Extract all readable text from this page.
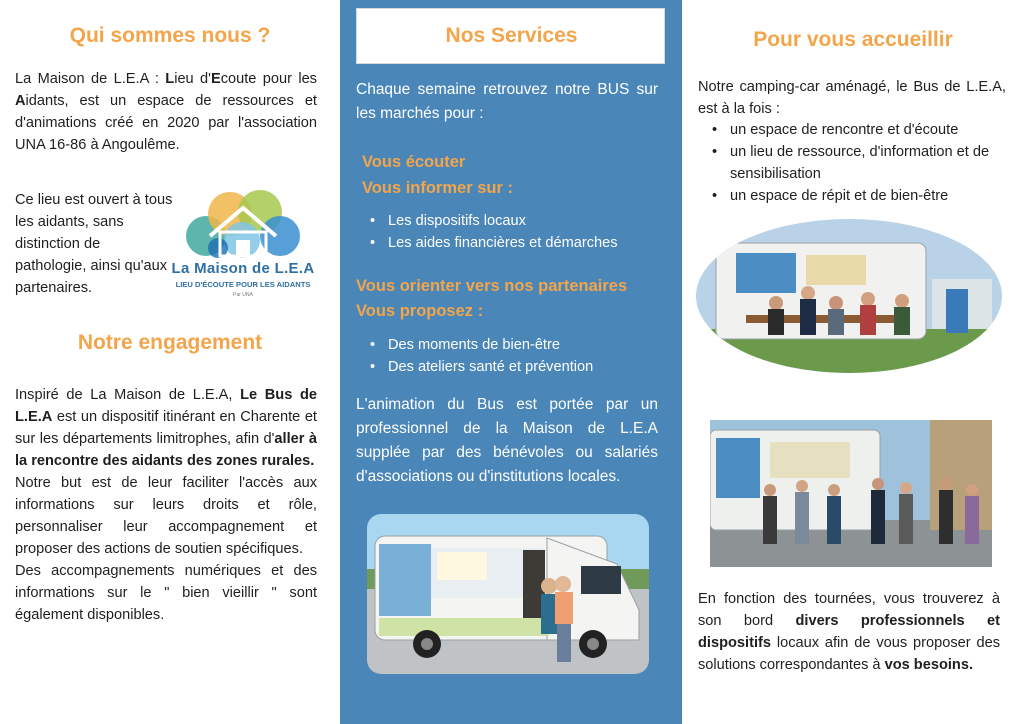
Qui sommes nous ?
La Maison de L.E.A : Lieu d'Ecoute pour les Aidants, est un espace de ressources et d'animations créé en 2020 par l'association UNA 16-86 à Angoulême.
Ce lieu est ouvert à tous les aidants, sans distinction de pathologie, ainsi qu'aux partenaires.
La Maison de L.E.A
LIEU D'ÉCOUTE POUR LES AIDANTS
Par UNA
Notre engagement
Inspiré de La Maison de L.E.A, Le Bus de L.E.A est un dispositif itinérant en Charente et sur les départements limitrophes, afin d'aller à la rencontre des aidants des zones rurales.
Notre but est de leur faciliter l'accès aux informations sur leurs droits et rôle, personnaliser leur accompagnement et proposer des actions de soutien spécifiques.
Des accompagnements numériques et des informations sur le " bien vieillir " sont également disponibles.
Nos Services
Chaque semaine retrouvez notre BUS sur les marchés pour :
Vous écouter
Vous informer sur :
• Les dispositifs locaux
• Les aides financières et démarches
Vous orienter vers nos partenaires
Vous proposez :
• Des moments de bien-être
• Des ateliers santé et prévention
L'animation du Bus est portée par un professionnel de la Maison de L.E.A supplée par des bénévoles ou salariés d'associations ou d'institutions locales.
Pour vous accueillir
Notre camping-car aménagé, le Bus de L.E.A, est à la fois :
• un espace de rencontre et d'écoute
• un lieu de ressource, d'information et de sensibilisation
• un espace de répit et de bien-être
En fonction des tournées, vous trouverez à son bord divers professionnels et dispositifs locaux afin de vous proposer des solutions correspondantes à vos besoins.
